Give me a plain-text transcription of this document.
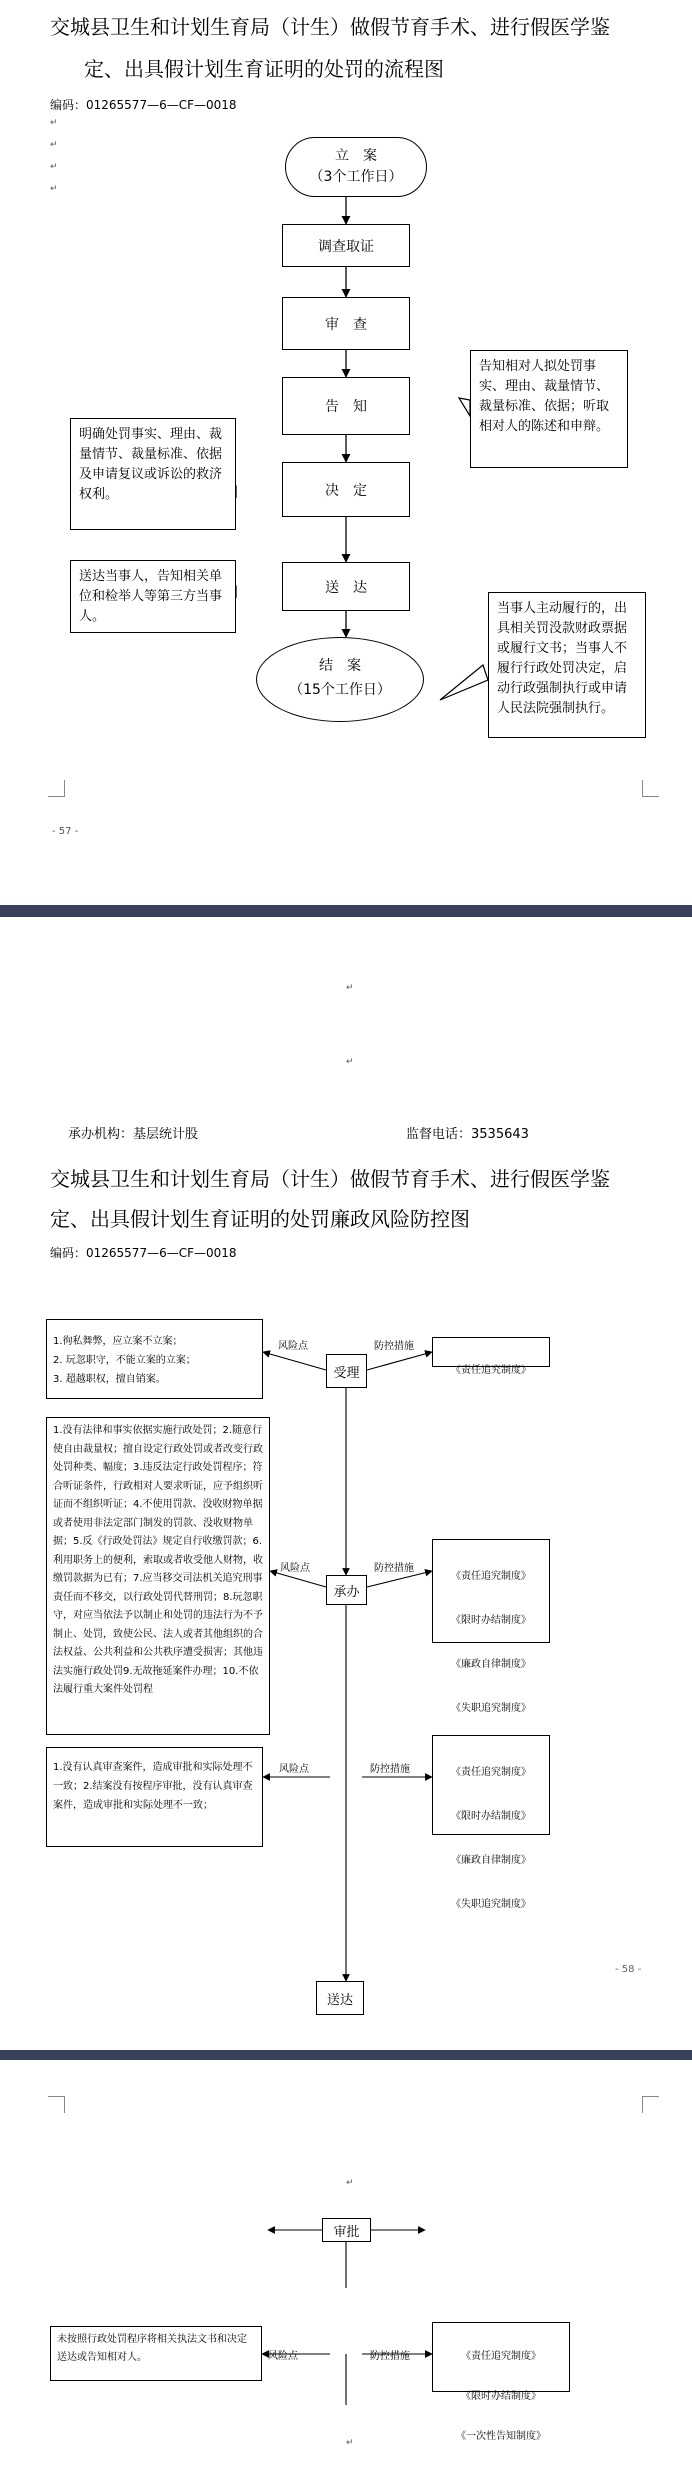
交城县卫生和计划生育局（计生）做假节育手术、进行假医学鉴
定、出具假计划生育证明的处罚的流程图
编码：01265577—6—CF—0018
↵
↵
↵
↵
立　案
（3个工作日）
调查取证
审　查
告　知
决　定
送　达
结　案
（15个工作日）
告知相对人拟处罚事实、理由、裁量情节、裁量标准、依据；听取相对人的陈述和申辩。
明确处罚事实、理由、裁量情节、裁量标准、依据及申请复议或诉讼的救济权利。
送达当事人，告知相关单位和检举人等第三方当事人。
当事人主动履行的，出具相关罚没款财政票据或履行文书；当事人不履行行政处罚决定，启动行政强制执行或申请人民法院强制执行。
- 57 -
↵
↵
承办机构：基层统计股	监督电话：3535643
交城县卫生和计划生育局（计生）做假节育手术、进行假医学鉴
定、出具假计划生育证明的处罚廉政风险防控图
编码：01265577—6—CF—0018
受理
承办
送达
风险点	防控措施
风险点	防控措施
风险点	防控措施
1.徇私舞弊，应立案不立案；
2. 玩忽职守，不能立案的立案；
3. 超越职权，擅自销案。

《责任追究制度》

1.没有法律和事实依据实施行政处罚；2.随意行使自由裁量权；擅自设定行政处罚或者改变行政处罚种类、幅度；3.违反法定行政处罚程序；符合听证条件，行政相对人要求听证，应予组织听证而不组织听证；4.不使用罚款、没收财物单据或者使用非法定部门制发的罚款、没收财物单据；5.反《行政处罚法》规定自行收缴罚款；6.利用职务上的便利，索取或者收受他人财物，收缴罚款据为已有；7.应当移交司法机关追究刑事责任而不移交，以行政处罚代替刑罚；8.玩忽职守，对应当依法予以制止和处罚的违法行为不予制止、处罚，致使公民、法人或者其他组织的合法权益、公共利益和公共秩序遭受损害；其他违法实施行政处罚9.无故拖延案件办理；10.不依法履行重大案件处罚程

《责任追究制度》

《限时办结制度》

《廉政自律制度》

《失职追究制度》

1.没有认真审查案件，造成审批和实际处理不一致；2.结案没有按程序审批，没有认真审查案件，造成审批和实际处理不一致；

《责任追究制度》

《限时办结制度》

《廉政自律制度》

《失职追究制度》

- 58 -
↵
审批
风险点	防控措施
未按照行政处罚程序将相关执法文书和决定送达或告知相对人。	《责任追究制度》

《限时办结制度》

《一次性告知制度》

↵
